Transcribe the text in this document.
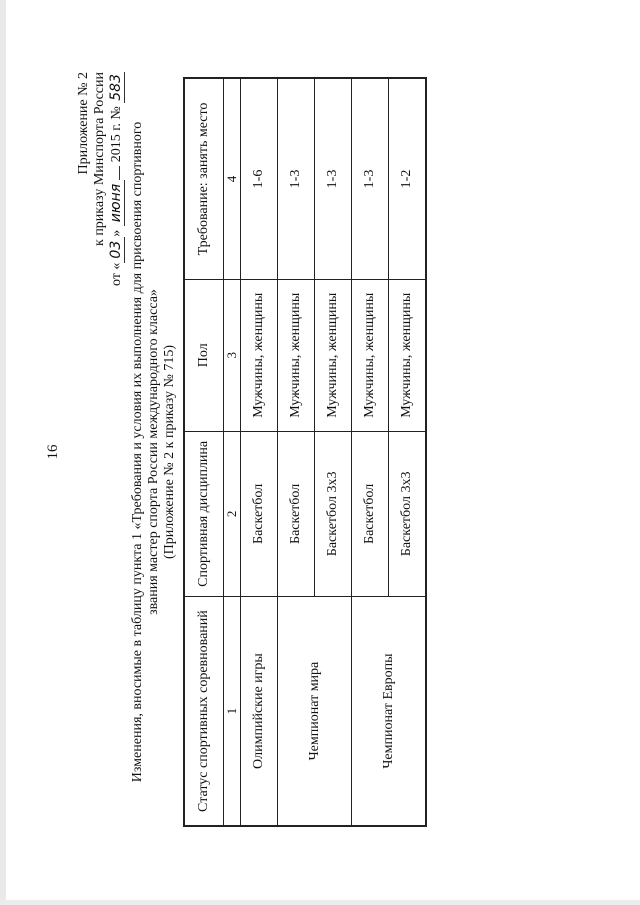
16
Приложение № 2 к приказу Минспорта России
от «03» июня 2015 г. № 583
Изменения, вносимые в таблицу пункта 1 «Требования и условия их выполнения для присвоения спортивного звания мастер спорта России международного класса» (Приложение № 2 к приказу № 715)
Статус спортивных соревнований	Спортивная дисциплина	Пол	Требование: занять место
1	2	3	4
Олимпийские игры	Баскетбол	Мужчины, женщины	1-6
Чемпионат мира	Баскетбол	Мужчины, женщины	1-3
	Баскетбол 3x3	Мужчины, женщины	1-3
Чемпионат Европы	Баскетбол	Мужчины, женщины	1-3
	Баскетбол 3x3	Мужчины, женщины	1-2
